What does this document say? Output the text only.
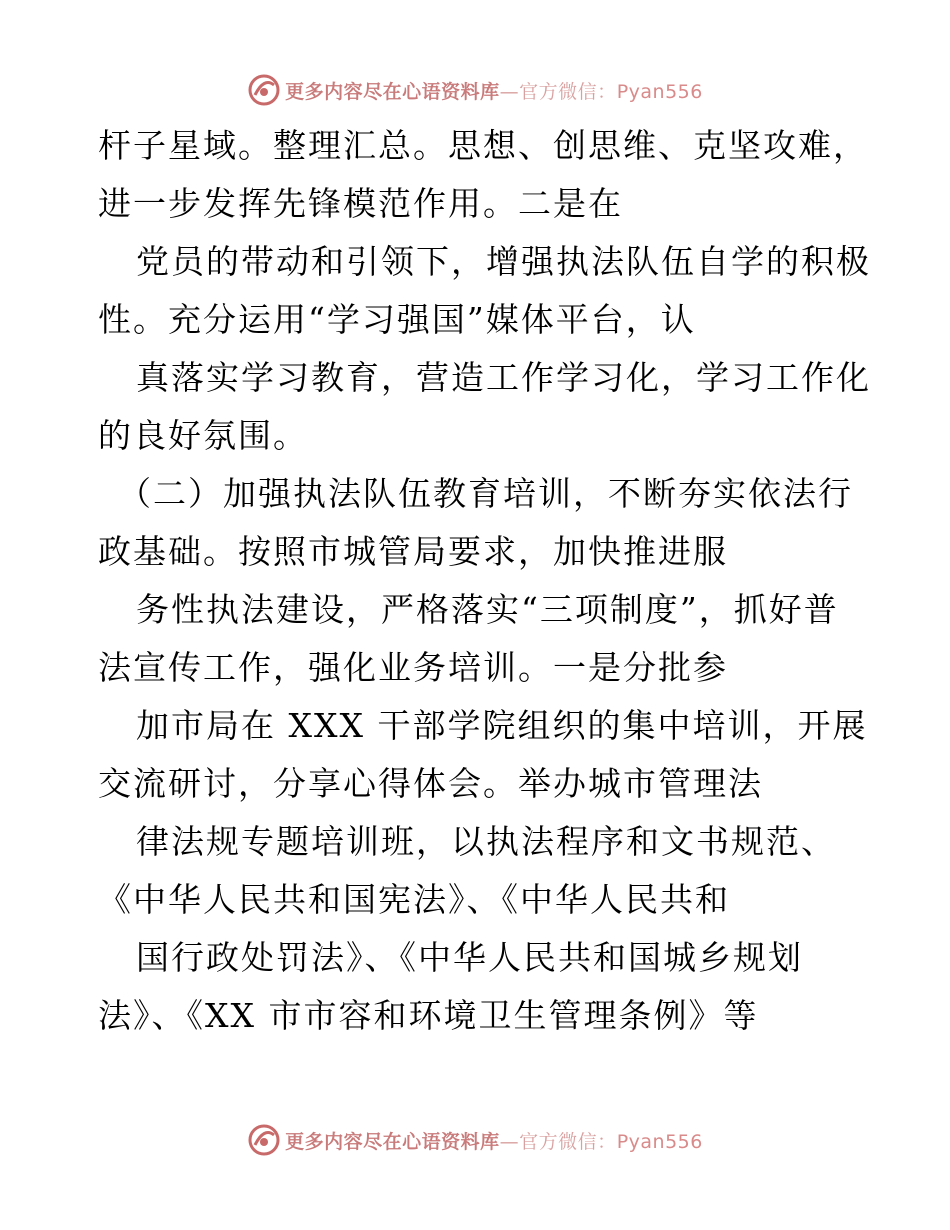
更多内容尽在心语资料库—官方微信：Pyan556
杆子星域。整理汇总。思想、创思维、克坚攻难，
进一步发挥先锋模范作用。二是在
党员的带动和引领下，增强执法队伍自学的积极
性。充分运用“学习强国”媒体平台，认
真落实学习教育，营造工作学习化，学习工作化
的良好氛围。
（二）加强执法队伍教育培训，不断夯实依法行
政基础。按照市城管局要求，加快推进服
务性执法建设，严格落实“三项制度”，抓好普
法宣传工作，强化业务培训。一是分批参
加市局在 XXX 干部学院组织的集中培训，开展
交流研讨，分享心得体会。举办城市管理法
律法规专题培训班，以执法程序和文书规范、
《中华人民共和国宪法》、《中华人民共和
国行政处罚法》、《中华人民共和国城乡规划
法》、《XX 市市容和环境卫生管理条例》等
更多内容尽在心语资料库—官方微信：Pyan556
